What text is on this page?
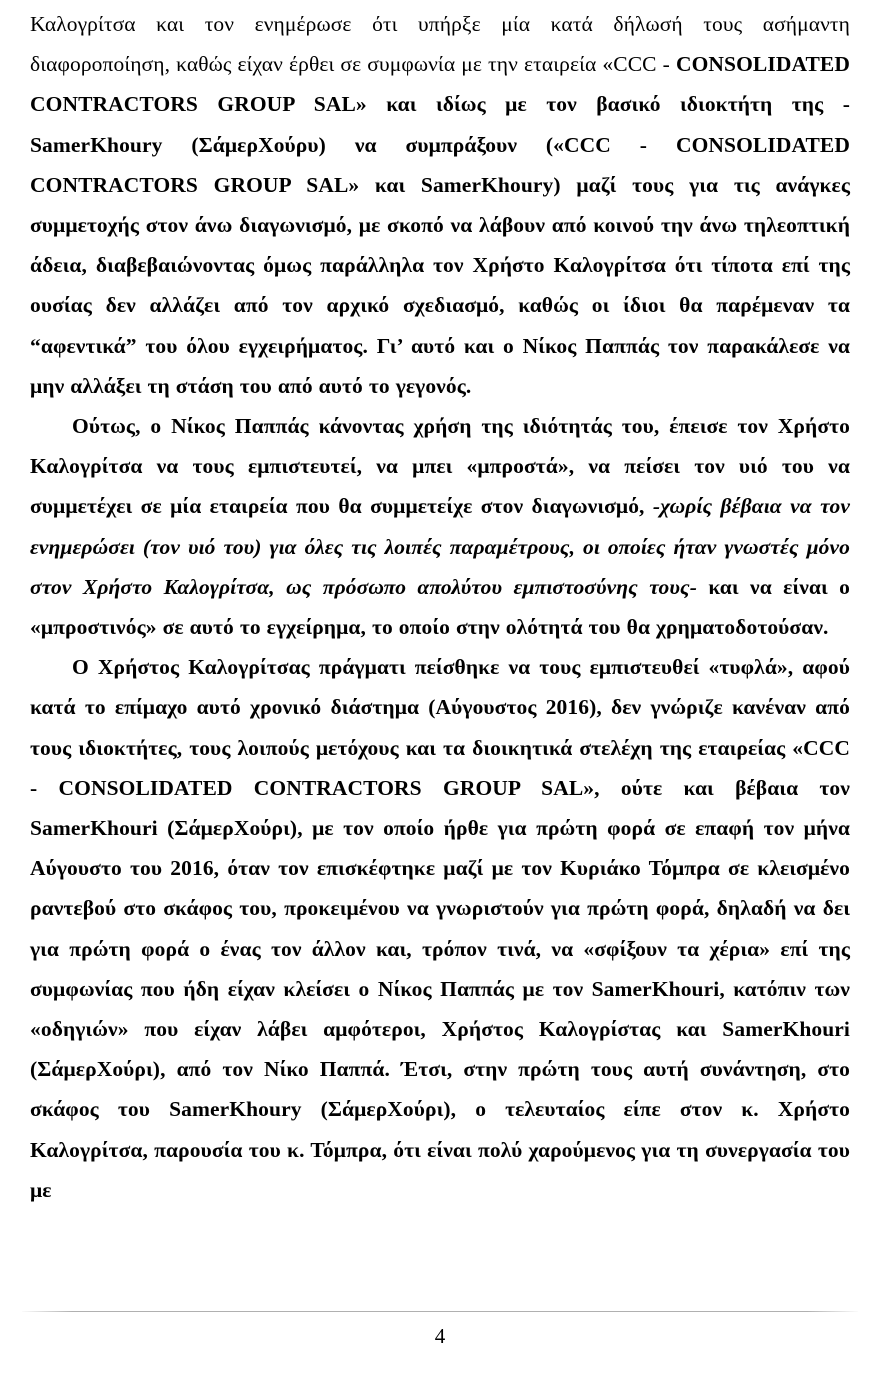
Καλογρίτσα και τον ενημέρωσε ότι υπήρξε μία κατά δήλωσή τους ασήμαντη διαφοροποίηση, καθώς είχαν έρθει σε συμφωνία με την εταιρεία «CCC - CONSOLIDATED CONTRACTORS GROUP SAL» και ιδίως με τον βασικό ιδιοκτήτη της - SamerKhoury (ΣάμερΧούρυ) να συμπράξουν («CCC - CONSOLIDATED CONTRACTORS GROUP SAL» και SamerKhoury) μαζί τους για τις ανάγκες συμμετοχής στον άνω διαγωνισμό, με σκοπό να λάβουν από κοινού την άνω τηλεοπτική άδεια, διαβεβαιώνοντας όμως παράλληλα τον Χρήστο Καλογρίτσα ότι τίποτα επί της ουσίας δεν αλλάζει από τον αρχικό σχεδιασμό, καθώς οι ίδιοι θα παρέμεναν τα “αφεντικά” του όλου εγχειρήματος. Γι’ αυτό και ο Νίκος Παππάς τον παρακάλεσε να μην αλλάξει τη στάση του από αυτό το γεγονός.

Ούτως, ο Νίκος Παππάς κάνοντας χρήση της ιδιότητάς του, έπεισε τον Χρήστο Καλογρίτσα να τους εμπιστευτεί, να μπει «μπροστά», να πείσει τον υιό του να συμμετέχει σε μία εταιρεία που θα συμμετείχε στον διαγωνισμό, -χωρίς βέβαια να τον ενημερώσει (τον υιό του) για όλες τις λοιπές παραμέτρους, οι οποίες ήταν γνωστές μόνο στον Χρήστο Καλογρίτσα, ως πρόσωπο απολύτου εμπιστοσύνης τους- και να είναι ο «μπροστινός» σε αυτό το εγχείρημα, το οποίο στην ολότητά του θα χρηματοδοτούσαν.

Ο Χρήστος Καλογρίτσας πράγματι πείσθηκε να τους εμπιστευθεί «τυφλά», αφού κατά το επίμαχο αυτό χρονικό διάστημα (Αύγουστος 2016), δεν γνώριζε κανέναν από τους ιδιοκτήτες, τους λοιπούς μετόχους και τα διοικητικά στελέχη της εταιρείας «CCC - CONSOLIDATED CONTRACTORS GROUP SAL», ούτε και βέβαια τον SamerKhouri (ΣάμερΧούρι), με τον οποίο ήρθε για πρώτη φορά σε επαφή τον μήνα Αύγουστο του 2016, όταν τον επισκέφτηκε μαζί με τον Κυριάκο Τόμπρα σε κλεισμένο ραντεβού στο σκάφος του, προκειμένου να γνωριστούν για πρώτη φορά, δηλαδή να δει για πρώτη φορά ο ένας τον άλλον και, τρόπον τινά, να «σφίξουν τα χέρια» επί της συμφωνίας που ήδη είχαν κλείσει ο Νίκος Παππάς με τον SamerKhouri, κατόπιν των «οδηγιών» που είχαν λάβει αμφότεροι, Χρήστος Καλογρίστας και SamerKhouri (ΣάμερΧούρι), από τον Νίκο Παππά. Έτσι, στην πρώτη τους αυτή συνάντηση, στο σκάφος του SamerKhoury (ΣάμερΧούρι), ο τελευταίος είπε στον κ. Χρήστο Καλογρίτσα, παρουσία του κ. Τόμπρα, ότι είναι πολύ χαρούμενος για τη συνεργασία του με

4
